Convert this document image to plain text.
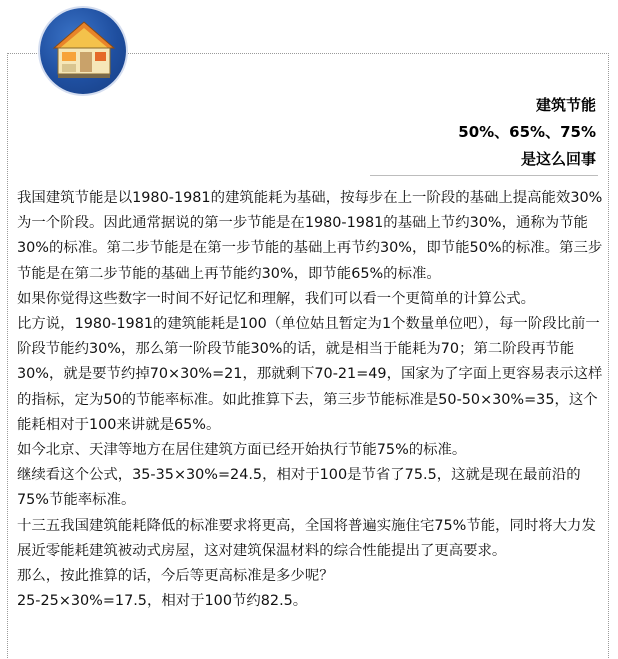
建筑节能
50%、65%、75%
是这么回事

我国建筑节能是以1980-1981的建筑能耗为基础，按每步在上一阶段的基础上提高能效30%为一个阶段。因此通常据说的第一步节能是在1980-1981的基础上节约30%，通称为节能30%的标准。第二步节能是在第一步节能的基础上再节约30%，即节能50%的标准。第三步节能是在第二步节能的基础上再节能约30%，即节能65%的标准。

如果你觉得这些数字一时间不好记忆和理解，我们可以看一个更简单的计算公式。

比方说，1980-1981的建筑能耗是100（单位姑且暂定为1个数量单位吧），每一阶段比前一阶段节能约30%，那么第一阶段节能30%的话，就是相当于能耗为70；第二阶段再节能30%，就是要节约掉70×30%=21，那就剩下70-21=49，国家为了字面上更容易表示这样的指标，定为50的节能率标准。如此推算下去，第三步节能标准是50-50×30%=35，这个能耗相对于100来讲就是65%。

如今北京、天津等地方在居住建筑方面已经开始执行节能75%的标准。

继续看这个公式，35-35×30%=24.5，相对于100是节省了75.5，这就是现在最前沿的75%节能率标准。

十三五我国建筑能耗降低的标准要求将更高，全国将普遍实施住宅75%节能，同时将大力发展近零能耗建筑被动式房屋，这对建筑保温材料的综合性能提出了更高要求。

那么，按此推算的话，今后等更高标准是多少呢？

25-25×30%=17.5，相对于100节约82.5。
